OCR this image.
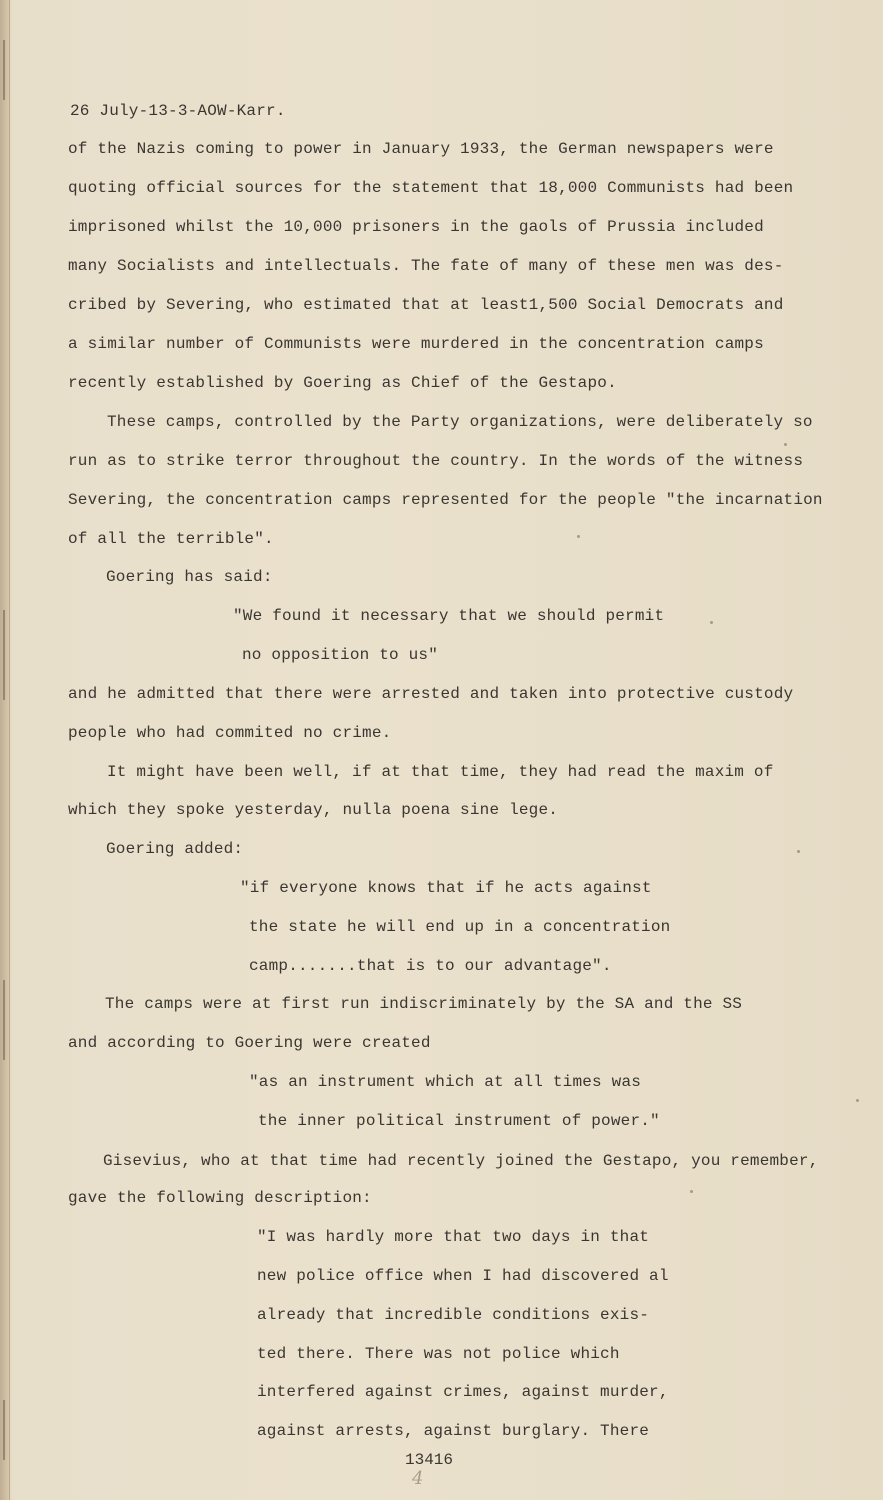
26 July-13-3-AOW-Karr.
of the Nazis coming to power in January 1933, the German newspapers were
quoting official sources for the statement that 18,000 Communists had been
imprisoned whilst the 10,000 prisoners in the gaols of Prussia included
many Socialists and intellectuals. The fate of many of these men was des-
cribed by Severing, who estimated that at least1,500 Social Democrats and
a similar number of Communists were murdered in the concentration camps
recently established by Goering as Chief of the Gestapo.
These camps, controlled by the Party organizations, were deliberately so
run as to strike terror throughout the country. In the words of the witness
Severing, the concentration camps represented for the people "the incarnation
of all the terrible".
Goering has said:
"We found it necessary that we should permit
no opposition to us"
and he admitted that there were arrested and taken into protective custody
people who had commited no crime.
It might have been well, if at that time, they had read the maxim of
which they spoke yesterday, nulla poena sine lege.
Goering added:
"if everyone knows that if he acts against
the state he will end up in a concentration
camp.......that is to our advantage".
The camps were at first run indiscriminately by the SA and the SS
and according to Goering were created
"as an instrument which at all times was
the inner political instrument of power."
Gisevius, who at that time had recently joined the Gestapo, you remember,
gave the following description:
"I was hardly more that two days in that
new police office when I had discovered al
already that incredible conditions exis-
ted there. There was not police which
interfered against crimes, against murder,
against arrests, against burglary. There
13416
4
